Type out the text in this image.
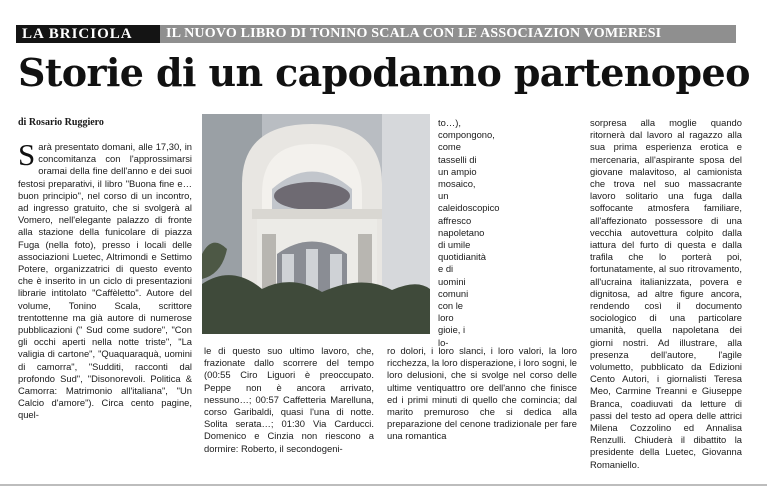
LA BRICIOLA	IL NUOVO LIBRO DI TONINO SCALA CON LE ASSOCIAZION VOMERESI
Storie di un capodanno partenopeo
di Rosario Ruggiero
S arà presentato domani, alle 17,30, in concomitanza con l'approssimarsi oramai della fine dell'anno e dei suoi festosi preparativi, il libro "Buona fine e… buon principio", nel corso di un incontro, ad ingresso gratuito, che si svolgerà al Vomero, nell'elegante palazzo di fronte alla stazione della funicolare di piazza Fuga (nella foto), presso i locali delle associazioni Luetec, Altrimondi e Settimo Potere, organizzatrici di questo evento che è inserito in un ciclo di presentazioni librarie intitolato "Caffèletto". Autore del volume, Tonino Scala, scrittore trentottenne ma già autore di numerose pubblicazioni (" Sud come sudore", "Con gli occhi aperti nella notte triste", "La valigia di cartone", "Quaquaraquà, uomini di camorra", "Sudditi, racconti dal profondo Sud", "Disonorevoli. Politica & Camorra: Matrimonio all'italiana", "Un Calcio d'amore"). Circa cento pagine, quel-
le di questo suo ultimo lavoro, che, frazionate dallo scorrere del tempo (00:55 Ciro Liguori è preoccupato. Peppe non è ancora arrivato, nessuno…; 00:57 Caffetteria Marelluna, corso Garibaldi, quasi l'una di notte. Solita serata…; 01:30 Via Carducci. Domenico e Cinzia non riescono a dormire: Roberto, il secondogeni-
to…), compongono, come tasselli di un ampio mosaico, un caleidoscopico affresco napoletano di umile quotidianità e di uomini comuni con le loro gioie, i lo-
ro dolori, i loro slanci, i loro valori, la loro ricchezza, la loro disperazione, i loro sogni, le loro delusioni, che si svolge nel corso delle ultime ventiquattro ore dell'anno che finisce ed i primi minuti di quello che comincia; dal marito premuroso che si dedica alla preparazione del cenone tradizionale per fare una romantica
sorpresa alla moglie quando ritornerà dal lavoro al ragazzo alla sua prima esperienza erotica e mercenaria, all'aspirante sposa del giovane malavitoso, al camionista che trova nel suo massacrante lavoro solitario una fuga dalla soffocante atmosfera familiare, all'affezionato possessore di una vecchia autovettura colpito dalla iattura del furto di questa e dalla trafila che lo porterà poi, fortunatamente, al suo ritrovamento, all'ucraina italianizzata, povera e dignitosa, ad altre figure ancora, rendendo così il documento sociologico di una particolare umanità, quella napoletana dei giorni nostri. Ad illustrare, alla presenza dell'autore, l'agile volumetto, pubblicato da Edizioni Cento Autori, i giornalisti Teresa Meo, Carmine Treanni e Giuseppe Branca, coadiuvati da letture di passi del testo ad opera delle attrici Milena Cozzolino ed Annalisa Renzulli. Chiuderà il dibattito la presidente della Luetec, Giovanna Romaniello.
